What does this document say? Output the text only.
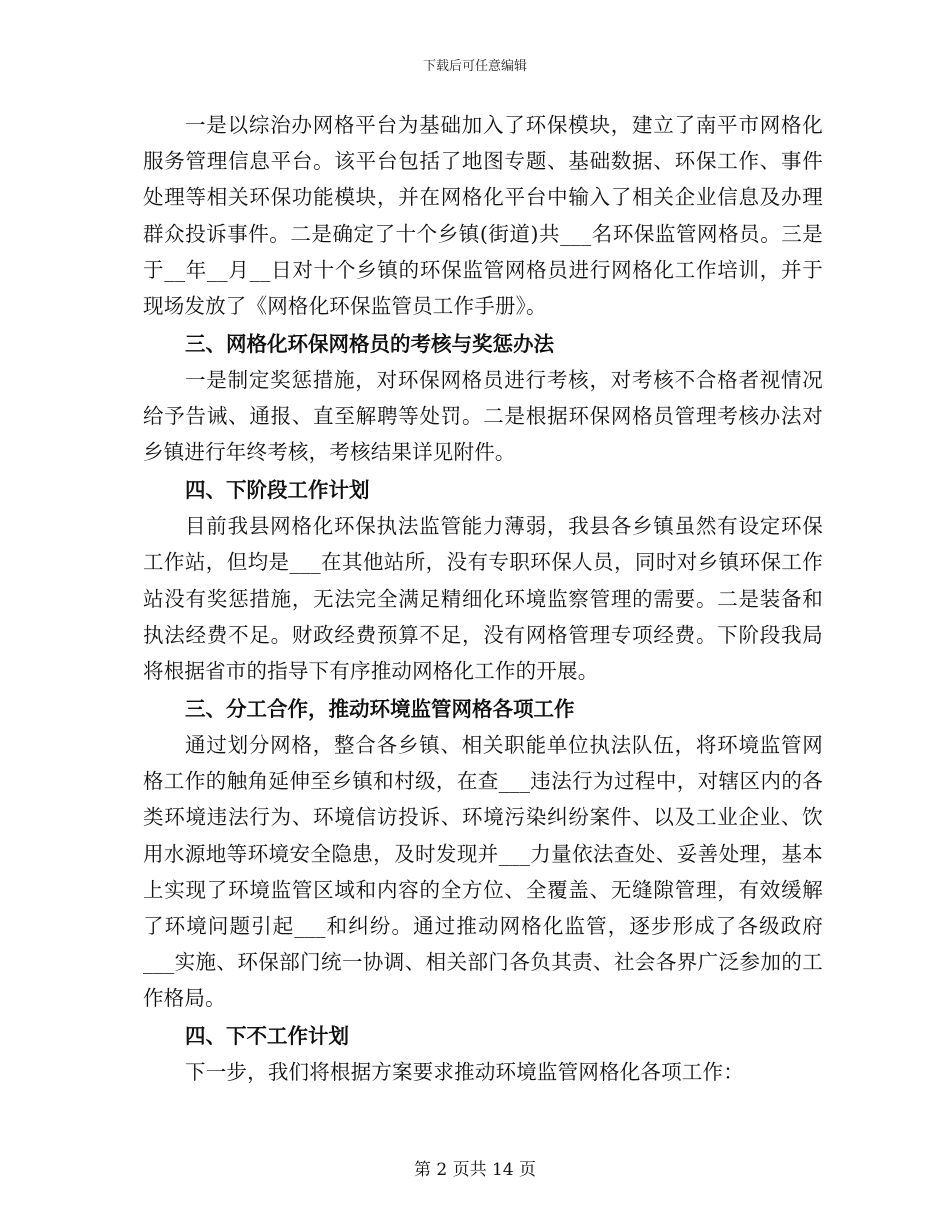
下载后可任意编辑

一是以综治办网格平台为基础加入了环保模块，建立了南平市网格化服务管理信息平台。该平台包括了地图专题、基础数据、环保工作、事件处理等相关环保功能模块，并在网格化平台中输入了相关企业信息及办理群众投诉事件。二是确定了十个乡镇(街道)共___名环保监管网格员。三是于__年__月__日对十个乡镇的环保监管网格员进行网格化工作培训，并于现场发放了《网格化环保监管员工作手册》。

三、网格化环保网格员的考核与奖惩办法

一是制定奖惩措施，对环保网格员进行考核，对考核不合格者视情况给予告诫、通报、直至解聘等处罚。二是根据环保网格员管理考核办法对乡镇进行年终考核，考核结果详见附件。

四、下阶段工作计划

目前我县网格化环保执法监管能力薄弱，我县各乡镇虽然有设定环保工作站，但均是___在其他站所，没有专职环保人员，同时对乡镇环保工作站没有奖惩措施，无法完全满足精细化环境监察管理的需要。二是装备和执法经费不足。财政经费预算不足，没有网格管理专项经费。下阶段我局将根据省市的指导下有序推动网格化工作的开展。

三、分工合作，推动环境监管网格各项工作

通过划分网格，整合各乡镇、相关职能单位执法队伍，将环境监管网格工作的触角延伸至乡镇和村级，在查___违法行为过程中，对辖区内的各类环境违法行为、环境信访投诉、环境污染纠纷案件、以及工业企业、饮用水源地等环境安全隐患，及时发现并___力量依法查处、妥善处理，基本上实现了环境监管区域和内容的全方位、全覆盖、无缝隙管理，有效缓解了环境问题引起___和纠纷。通过推动网格化监管，逐步形成了各级政府___实施、环保部门统一协调、相关部门各负其责、社会各界广泛参加的工作格局。

四、下不工作计划

下一步，我们将根据方案要求推动环境监管网格化各项工作：

第 2 页共 14 页
